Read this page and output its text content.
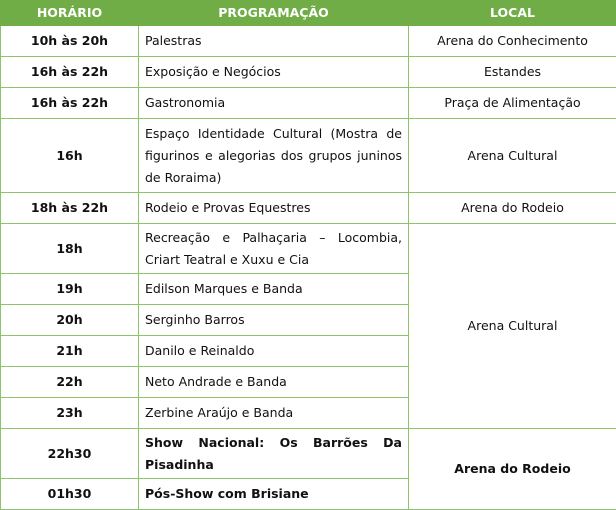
HORÁRIO	PROGRAMAÇÃO	LOCAL
10h às 20h	Palestras	Arena do Conhecimento
16h às 22h	Exposição e Negócios	Estandes
16h às 22h	Gastronomia	Praça de Alimentação
16h	Espaço Identidade Cultural (Mostra de figurinos e alegorias dos grupos juninos de Roraima)	Arena Cultural
18h às 22h	Rodeio e Provas Equestres	Arena do Rodeio
18h	Recreação e Palhaçaria – Locombia, Criart Teatral e Xuxu e Cia	Arena Cultural
19h	Edilson Marques e Banda	
20h	Serginho Barros	
21h	Danilo e Reinaldo	
22h	Neto Andrade e Banda	
23h	Zerbine Araújo e Banda	
22h30	Show Nacional: Os Barrões Da Pisadinha	Arena do Rodeio
01h30	Pós-Show com Brisiane	
